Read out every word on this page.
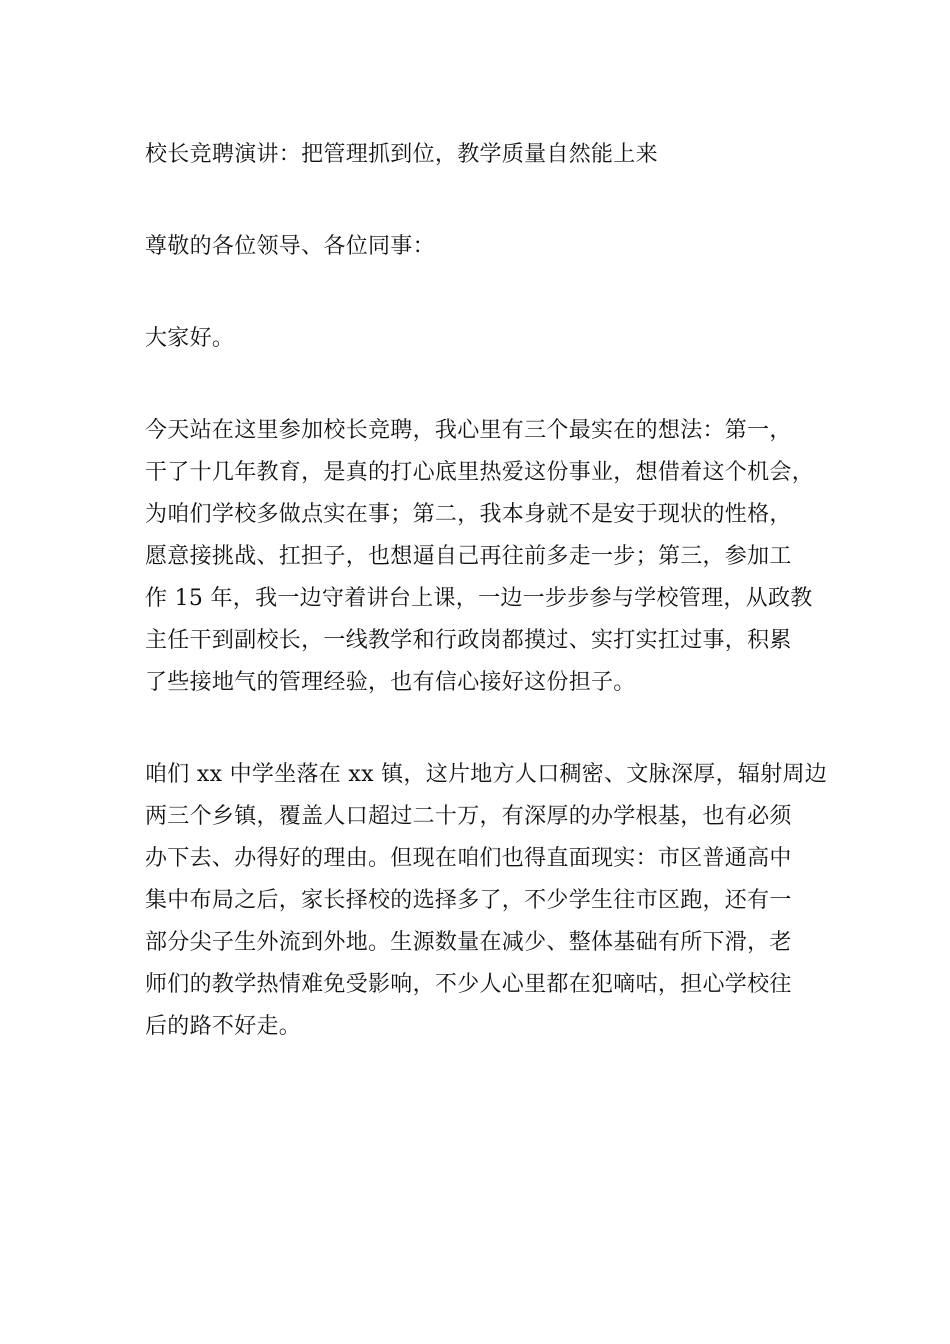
校长竞聘演讲：把管理抓到位，教学质量自然能上来
尊敬的各位领导、各位同事：
大家好。
今天站在这里参加校长竞聘，我心里有三个最实在的想法：第一，
干了十几年教育，是真的打心底里热爱这份事业，想借着这个机会，
为咱们学校多做点实在事；第二，我本身就不是安于现状的性格，
愿意接挑战、扛担子，也想逼自己再往前多走一步；第三，参加工
作 15 年，我一边守着讲台上课，一边一步步参与学校管理，从政教
主任干到副校长，一线教学和行政岗都摸过、实打实扛过事，积累
了些接地气的管理经验，也有信心接好这份担子。
咱们 xx 中学坐落在 xx 镇，这片地方人口稠密、文脉深厚，辐射周边
两三个乡镇，覆盖人口超过二十万，有深厚的办学根基，也有必须
办下去、办得好的理由。但现在咱们也得直面现实：市区普通高中
集中布局之后，家长择校的选择多了，不少学生往市区跑，还有一
部分尖子生外流到外地。生源数量在减少、整体基础有所下滑，老
师们的教学热情难免受影响，不少人心里都在犯嘀咕，担心学校往
后的路不好走。
